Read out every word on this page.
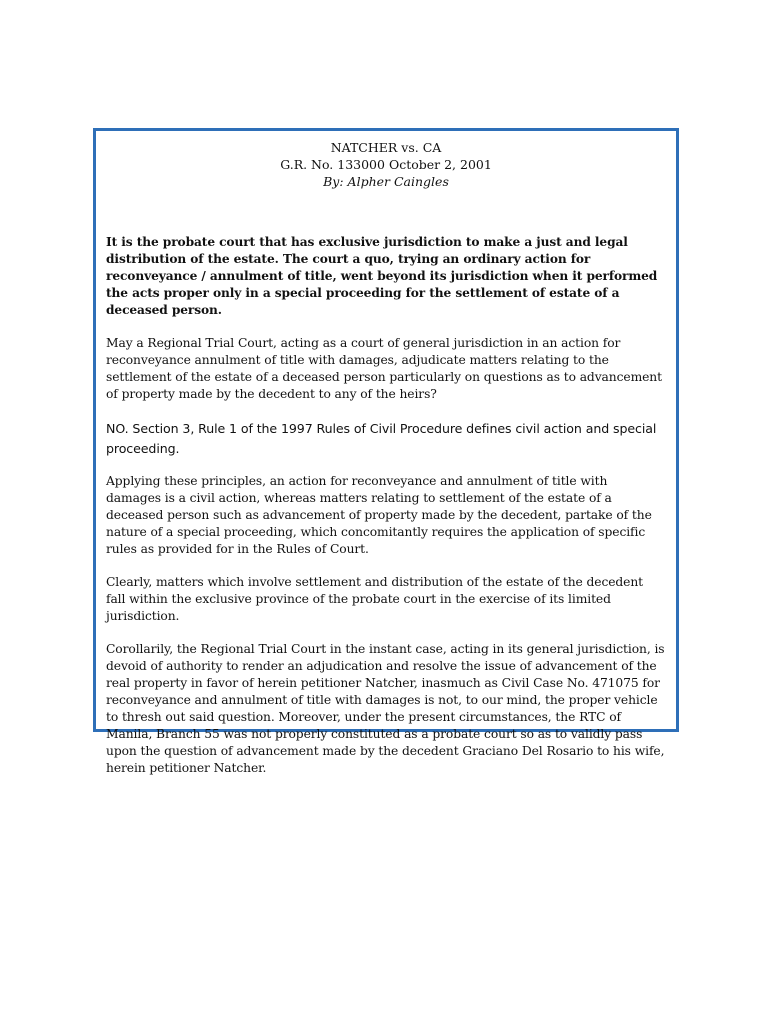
NATCHER vs. CA
G.R. No. 133000 October 2, 2001
By: Alpher Caingles

It is the probate court that has exclusive jurisdiction to make a just and legal distribution of the estate. The court a quo, trying an ordinary action for reconveyance / annulment of title, went beyond its jurisdiction when it performed the acts proper only in a special proceeding for the settlement of estate of a deceased person.

May a Regional Trial Court, acting as a court of general jurisdiction in an action for reconveyance annulment of title with damages, adjudicate matters relating to the settlement of the estate of a deceased person particularly on questions as to advancement of property made by the decedent to any of the heirs?

NO. Section 3, Rule 1 of the 1997 Rules of Civil Procedure defines civil action and special proceeding.

Applying these principles, an action for reconveyance and annulment of title with damages is a civil action, whereas matters relating to settlement of the estate of a deceased person such as advancement of property made by the decedent, partake of the nature of a special proceeding, which concomitantly requires the application of specific rules as provided for in the Rules of Court.

Clearly, matters which involve settlement and distribution of the estate of the decedent fall within the exclusive province of the probate court in the exercise of its limited jurisdiction.

Corollarily, the Regional Trial Court in the instant case, acting in its general jurisdiction, is devoid of authority to render an adjudication and resolve the issue of advancement of the real property in favor of herein petitioner Natcher, inasmuch as Civil Case No. 471075 for reconveyance and annulment of title with damages is not, to our mind, the proper vehicle to thresh out said question. Moreover, under the present circumstances, the RTC of Manila, Branch 55 was not properly constituted as a probate court so as to validly pass upon the question of advancement made by the decedent Graciano Del Rosario to his wife, herein petitioner Natcher.
